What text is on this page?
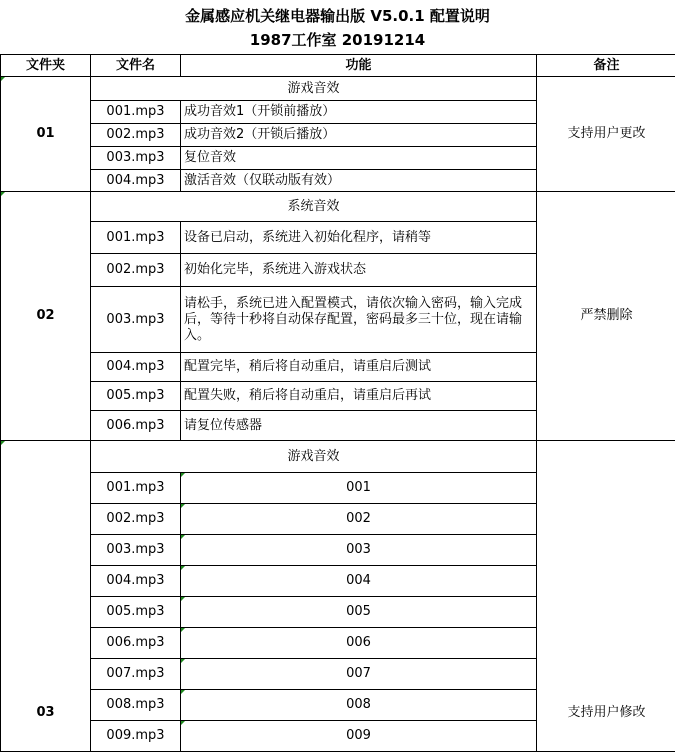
金属感应机关继电器输出版 V5.0.1 配置说明
1987工作室 20191214
文件夹	文件名	功能	备注
01	游戏音效		支持用户更改
	001.mp3	成功音效1（开锁前播放）	
	002.mp3	成功音效2（开锁后播放）	
	003.mp3	复位音效	
	004.mp3	激活音效（仅联动版有效）	
02	系统音效		严禁删除
	001.mp3	设备已启动，系统进入初始化程序，请稍等	
	002.mp3	初始化完毕，系统进入游戏状态	
	003.mp3	请松手，系统已进入配置模式，请依次输入密码，输入完成后，等待十秒将自动保存配置，密码最多三十位，现在请输入。	
	004.mp3	配置完毕，稍后将自动重启，请重启后测试	
	005.mp3	配置失败，稍后将自动重启，请重启后再试	
	006.mp3	请复位传感器	

03	游戏音效		支持用户修改

	001.mp3	001	
	002.mp3	002	
	003.mp3	003	
	004.mp3	004	
	005.mp3	005	
	006.mp3	006	
	007.mp3	007	
	008.mp3	008	
	009.mp3	009	
